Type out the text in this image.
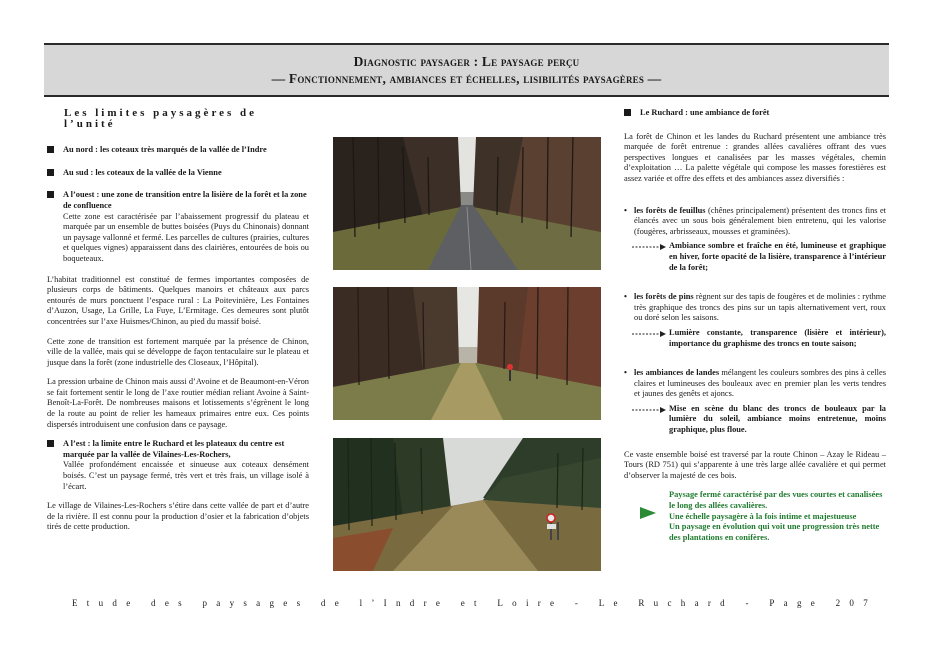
Diagnostic paysager : Le paysage perçu
— Fonctionnement, ambiances et échelles, lisibilités paysagères —
Les limites paysagères de l’unité
Au nord : les coteaux très marqués de la vallée de l’Indre
Au sud : les coteaux de la vallée de la Vienne
A l’ouest : une zone de transition entre la lisière de la forêt et la zone de confluence
Cette zone est caractérisée par l’abaissement progressif du plateau et marquée par un ensemble de buttes boisées (Puys du Chinonais) donnant un paysage vallonné et fermé. Les parcelles de cultures (prairies, cultures et quelques vignes) apparaissent dans des clairières, entourées de bois ou boqueteaux.
L’habitat traditionnel est constitué de fermes importantes composées de plusieurs corps de bâtiments. Quelques manoirs et châteaux aux parcs entourés de murs ponctuent l’espace rural : La Poitevinière, Les Fontaines d’Auzon, Usage, La Grille, La Fuye, L’Ermitage. Ces demeures sont plutôt concentrées sur l’axe Huismes/Chinon, au pied du massif boisé.
Cette zone de transition est fortement marquée par la présence de Chinon, ville de la vallée, mais qui se développe de façon tentaculaire sur le plateau et jusque dans la forêt (zone industrielle des Closeaux, l’Hôpital).
La pression urbaine de Chinon mais aussi d’Avoine et de Beaumont-en-Véron se fait fortement sentir le long de l’axe routier médian reliant Avoine à Saint-Benoît-La-Forêt. De nombreuses maisons et lotissements s’égrènent le long de la route au point de relier les hameaux primaires entre eux. Ces points dispersés introduisent une confusion dans ce paysage.
A l’est : la limite entre le Ruchard et les plateaux du centre est marquée par la vallée de Vilaines-Les-Rochers,
Vallée profondément encaissée et sinueuse aux coteaux densément boisés. C’est un paysage fermé, très vert et très frais, un village isolé à l’écart.
Le village de Vilaines-Les-Rochers s’étire dans cette vallée de part et d’autre de la rivière. Il est connu pour la production d’osier et la fabrication d’objets tirés de cette production.
Le Ruchard : une ambiance de forêt
La forêt de Chinon et les landes du Ruchard présentent une ambiance très marquée de forêt entrenue : grandes allées cavalières offrant des vues perspectives longues et canalisées par les masses végétales, chemin d’exploitation … La palette végétale qui compose les masses forestières est assez variée et offre des effets et des ambiances assez diversifiés :
• les forêts de feuillus (chênes principalement) présentent des troncs fins et élancés avec un sous bois généralement bien entretenu, qui les valorise (fougères, arbrisseaux, mousses et graminées).
Ambiance sombre et fraîche en été, lumineuse et graphique en hiver, forte opacité de la lisière, transparence à l’intérieur de la forêt;
• les forêts de pins règnent sur des tapis de fougères et de molinies : rythme très graphique des troncs des pins sur un tapis alternativement vert, roux ou doré selon les saisons.
Lumière constante, transparence (lisière et intérieur), importance du graphisme des troncs en toute saison;
• les ambiances de landes mélangent les couleurs sombres des pins à celles claires et lumineuses des bouleaux avec en premier plan les verts tendres et jaunes des genêts et ajoncs.
Mise en scène du blanc des troncs de bouleaux par la lumière du soleil, ambiance moins entretenue, moins graphique, plus floue.
Ce vaste ensemble boisé est traversé par la route Chinon – Azay le Rideau – Tours (RD 751) qui s’apparente à une très large allée cavalière et qui permet d’observer la majesté de ces bois.
Paysage fermé caractérisé par des vues courtes et canalisées le long des allées cavalières.
Une échelle paysagère à la fois intime et majestueuse
Un paysage en évolution qui voit une progression très nette des plantations en conifères.
Etude des paysages de l’Indre et Loire - Le Ruchard - Page 207
